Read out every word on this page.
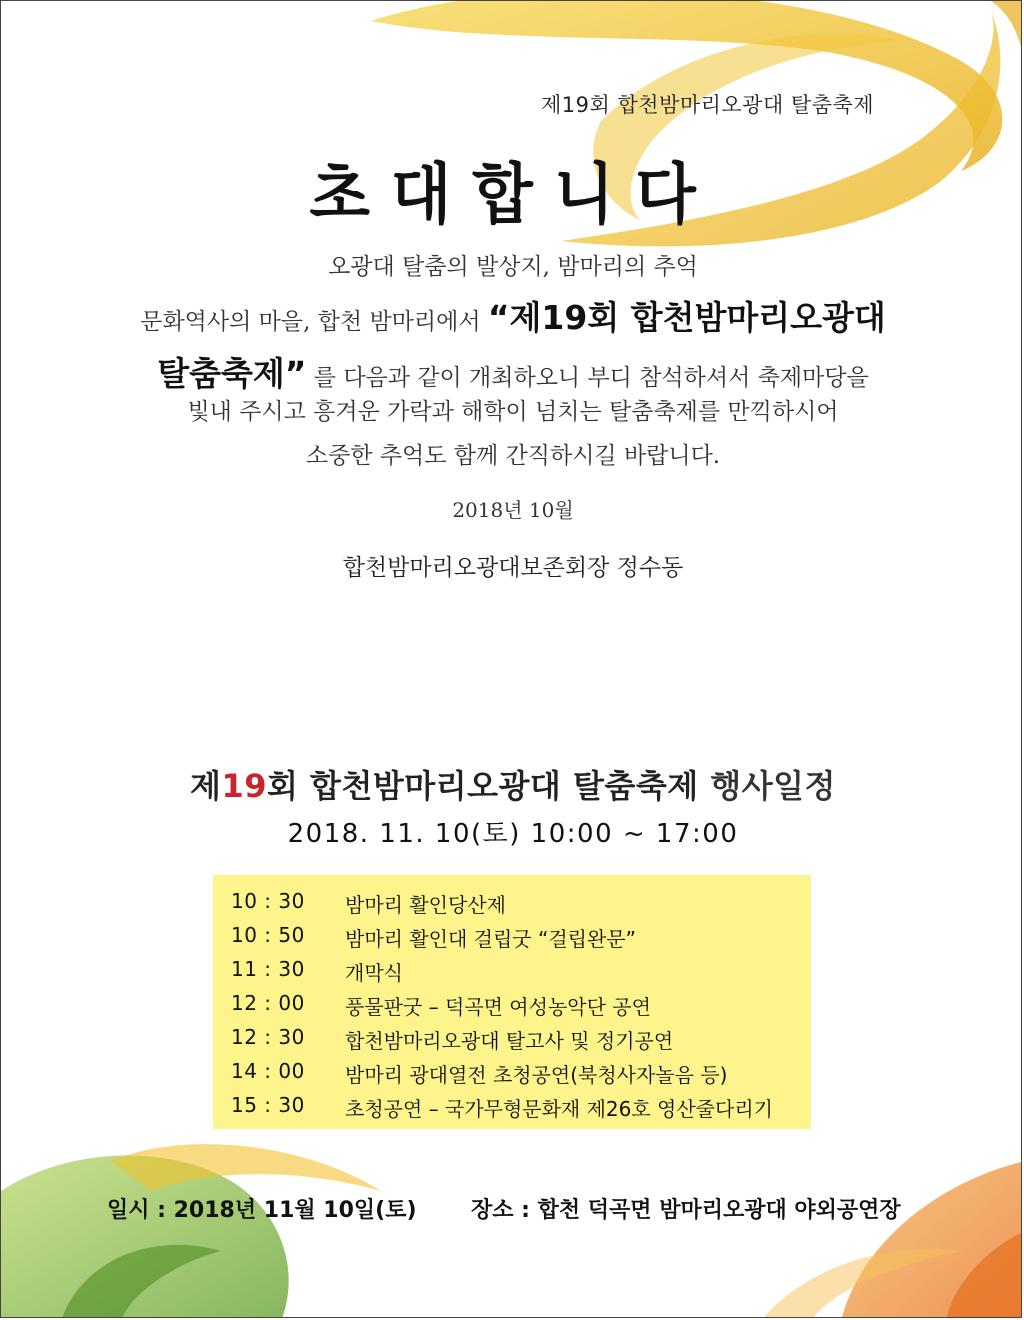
제19회 합천밤마리오광대 탈춤축제
초대합니다
오광대 탈춤의 발상지, 밤마리의 추억
문화역사의 마을, 합천 밤마리에서 “제19회 합천밤마리오광대
탈춤축제” 를 다음과 같이 개최하오니 부디 참석하셔서 축제마당을
빛내 주시고 흥겨운 가락과 해학이 넘치는 탈춤축제를 만끽하시어
소중한 추억도 함께 간직하시길 바랍니다.
2018년 10월
합천밤마리오광대보존회장 정수동
제19회 합천밤마리오광대 탈춤축제 행사일정
2018. 11. 10(토) 10:00 ~ 17:00
10 : 30 밤마리 활인당산제
10 : 50 밤마리 활인대 걸립굿 “걸립완문”
11 : 30 개막식
12 : 00 풍물판굿 – 덕곡면 여성농악단 공연
12 : 30 합천밤마리오광대 탈고사 및 정기공연
14 : 00 밤마리 광대열전 초청공연(북청사자놀음 등)
15 : 30 초청공연 – 국가무형문화재 제26호 영산줄다리기
일시 : 2018년 11월 10일(토) 장소 : 합천 덕곡면 밤마리오광대 야외공연장
